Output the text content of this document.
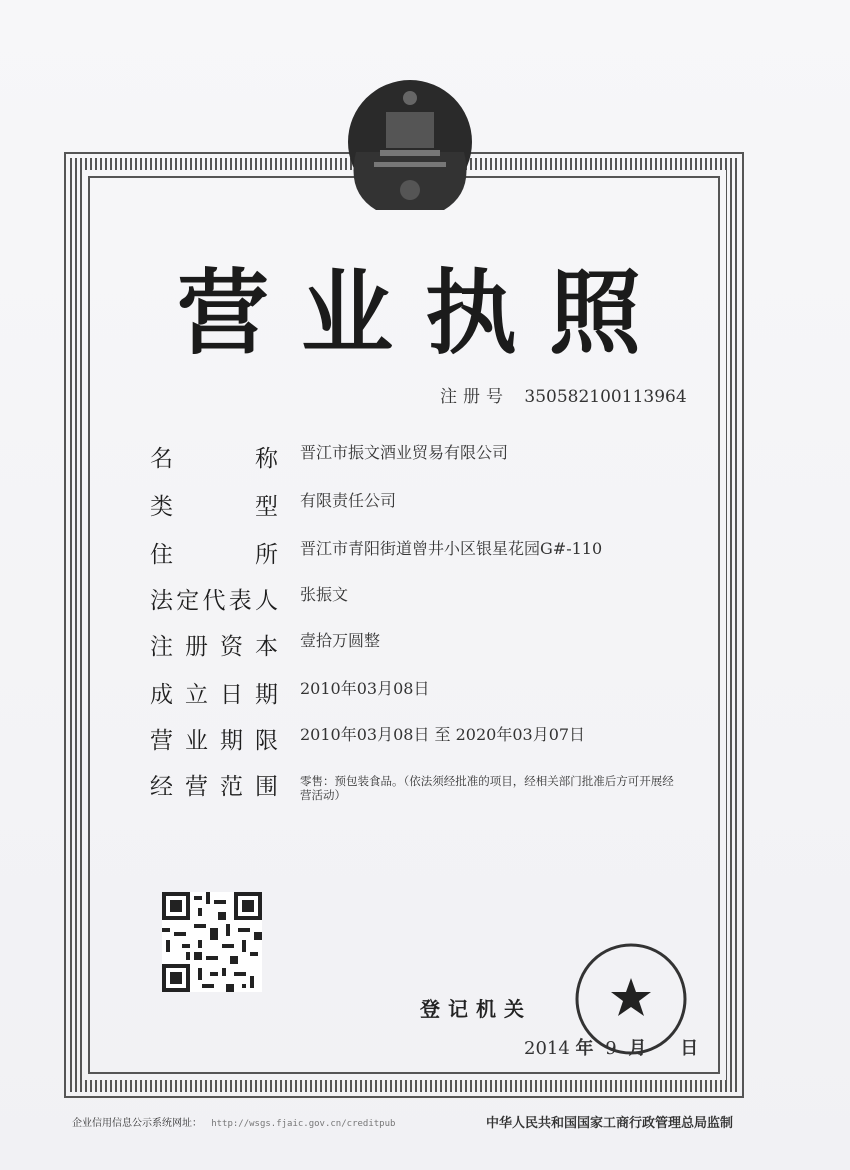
营业执照
注册号 350582100113964
名称 晋江市振文酒业贸易有限公司
类型 有限责任公司
住所 晋江市青阳街道曾井小区银星花园G#-110
法定代表人 张振文
注册资本 壹拾万圆整
成立日期 2010年03月08日
营业期限 2010年03月08日 至 2020年03月07日
经营范围 零售：预包装食品。（依法须经批准的项目，经相关部门批准后方可开展经营活动）
登记机关
2014 年 9 月 日
企业信用信息公示系统网址： http://wsgs.fjaic.gov.cn/creditpub	中华人民共和国国家工商行政管理总局监制
